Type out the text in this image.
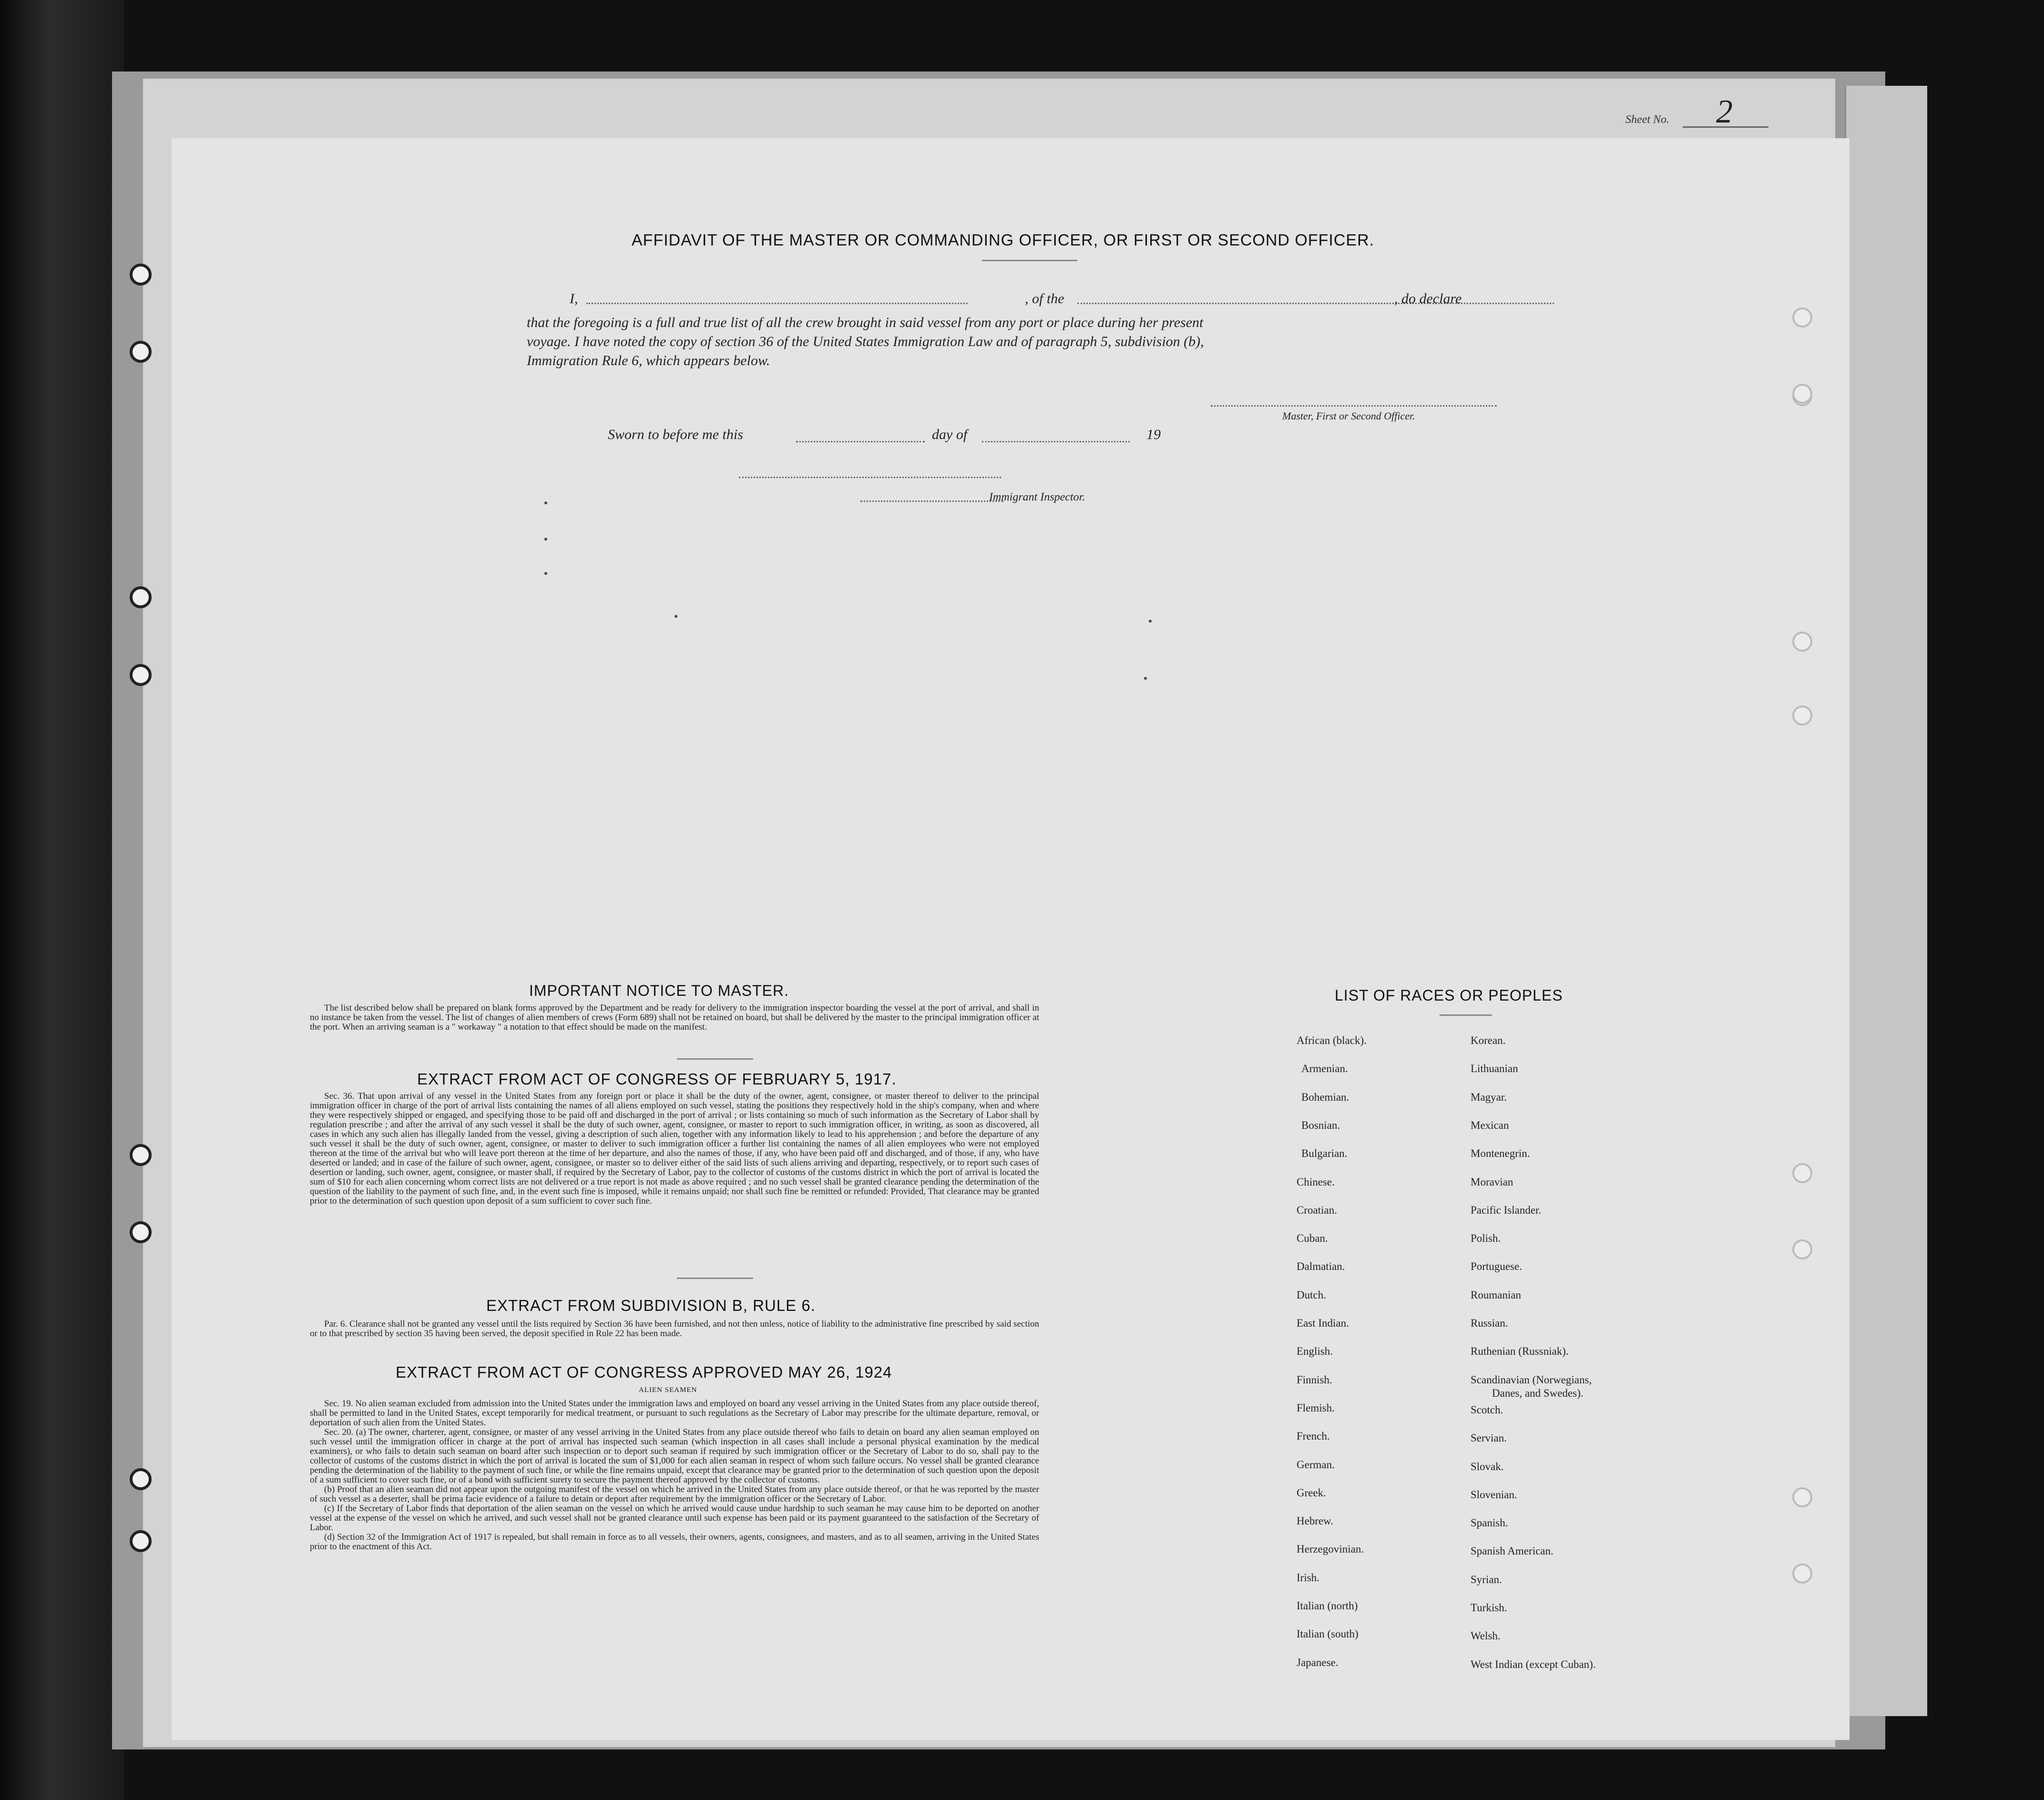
Sheet No. 2
AFFIDAVIT OF THE MASTER OR COMMANDING OFFICER, OR FIRST OR SECOND OFFICER.
I,	, of the	, do declare
that the foregoing is a full and true list of all the crew brought in said vessel from any port or place during her present
voyage. I have noted the copy of section 36 of the United States Immigration Law and of paragraph 5, subdivision (b),
Immigration Rule 6, which appears below.
Master, First or Second Officer.
Sworn to before me this	day of	19
Immigrant Inspector.
IMPORTANT NOTICE TO MASTER.

The list described below shall be prepared on blank forms approved by the Department and be ready for delivery to the immigration inspector boarding the vessel at the port of arrival, and shall in no instance be taken from the vessel. The list of changes of alien members of crews (Form 689) shall not be retained on board, but shall be delivered by the master to the principal immigration officer at the port. When an arriving seaman is a " workaway " a notation to that effect should be made on the manifest.

EXTRACT FROM ACT OF CONGRESS OF FEBRUARY 5, 1917.

Sec. 36. That upon arrival of any vessel in the United States from any foreign port or place it shall be the duty of the owner, agent, consignee, or master thereof to deliver to the principal immigration officer in charge of the port of arrival lists containing the names of all aliens employed on such vessel, stating the positions they respectively hold in the ship's company, when and where they were respectively shipped or engaged, and specifying those to be paid off and discharged in the port of arrival ; or lists containing so much of such information as the Secretary of Labor shall by regulation prescribe ; and after the arrival of any such vessel it shall be the duty of such owner, agent, consignee, or master to report to such immigration officer, in writing, as soon as discovered, all cases in which any such alien has illegally landed from the vessel, giving a description of such alien, together with any information likely to lead to his apprehension ; and before the departure of any such vessel it shall be the duty of such owner, agent, consignee, or master to deliver to such immigration officer a further list containing the names of all alien employees who were not employed thereon at the time of the arrival but who will leave port thereon at the time of her departure, and also the names of those, if any, who have been paid off and discharged, and of those, if any, who have deserted or landed; and in case of the failure of such owner, agent, consignee, or master so to deliver either of the said lists of such aliens arriving and departing, respectively, or to report such cases of desertion or landing, such owner, agent, consignee, or master shall, if required by the Secretary of Labor, pay to the collector of customs of the customs district in which the port of arrival is located the sum of $10 for each alien concerning whom correct lists are not delivered or a true report is not made as above required ; and no such vessel shall be granted clearance pending the determination of the question of the liability to the payment of such fine, and, in the event such fine is imposed, while it remains unpaid; nor shall such fine be remitted or refunded: Provided, That clearance may be granted prior to the determination of such question upon deposit of a sum sufficient to cover such fine.

EXTRACT FROM SUBDIVISION B, RULE 6.

Par. 6. Clearance shall not be granted any vessel until the lists required by Section 36 have been furnished, and not then unless, notice of liability to the administrative fine prescribed by said section or to that prescribed by section 35 having been served, the deposit specified in Rule 22 has been made.

EXTRACT FROM ACT OF CONGRESS APPROVED MAY 26, 1924
ALIEN SEAMEN

Sec. 19. No alien seaman excluded from admission into the United States under the immigration laws and employed on board any vessel arriving in the United States from any place outside thereof, shall be permitted to land in the United States, except temporarily for medical treatment, or pursuant to such regulations as the Secretary of Labor may prescribe for the ultimate departure, removal, or deportation of such alien from the United States.

Sec. 20. (a) The owner, charterer, agent, consignee, or master of any vessel arriving in the United States from any place outside thereof who fails to detain on board any alien seaman employed on such vessel until the immigration officer in charge at the port of arrival has inspected such seaman (which inspection in all cases shall include a personal physical examination by the medical examiners), or who fails to detain such seaman on board after such inspection or to deport such seaman if required by such immigration officer or the Secretary of Labor to do so, shall pay to the collector of customs of the customs district in which the port of arrival is located the sum of $1,000 for each alien seaman in respect of whom such failure occurs. No vessel shall be granted clearance pending the determination of the liability to the payment of such fine, or while the fine remains unpaid, except that clearance may be granted prior to the determination of such question upon the deposit of a sum sufficient to cover such fine, or of a bond with sufficient surety to secure the payment thereof approved by the collector of customs.

(b) Proof that an alien seaman did not appear upon the outgoing manifest of the vessel on which he arrived in the United States from any place outside thereof, or that he was reported by the master of such vessel as a deserter, shall be prima facie evidence of a failure to detain or deport after requirement by the immigration officer or the Secretary of Labor.

(c) If the Secretary of Labor finds that deportation of the alien seaman on the vessel on which he arrived would cause undue hardship to such seaman he may cause him to be deported on another vessel at the expense of the vessel on which he arrived, and such vessel shall not be granted clearance until such expense has been paid or its payment guaranteed to the satisfaction of the Secretary of Labor.

(d) Section 32 of the Immigration Act of 1917 is repealed, but shall remain in force as to all vessels, their owners, agents, consignees, and masters, and as to all seamen, arriving in the United States prior to the enactment of this Act.

LIST OF RACES OR PEOPLES
African (black).
Armenian.
Bohemian.
Bosnian.
Bulgarian.
Chinese.
Croatian.
Cuban.
Dalmatian.
Dutch.
East Indian.
English.
Finnish.
Flemish.
French.
German.
Greek.
Hebrew.
Herzegovinian.
Irish.
Italian (north)
Italian (south)
Japanese.
Korean.
Lithuanian
Magyar.
Mexican
Montenegrin.
Moravian
Pacific Islander.
Polish.
Portuguese.
Roumanian
Russian.
Ruthenian (Russniak).
Scandinavian (Norwegians,
Scotch.
Servian.
Slovak.
Slovenian.
Spanish.
Spanish American.
Syrian.
Turkish.
Welsh.
West Indian (except Cuban).
Danes, and Swedes).
